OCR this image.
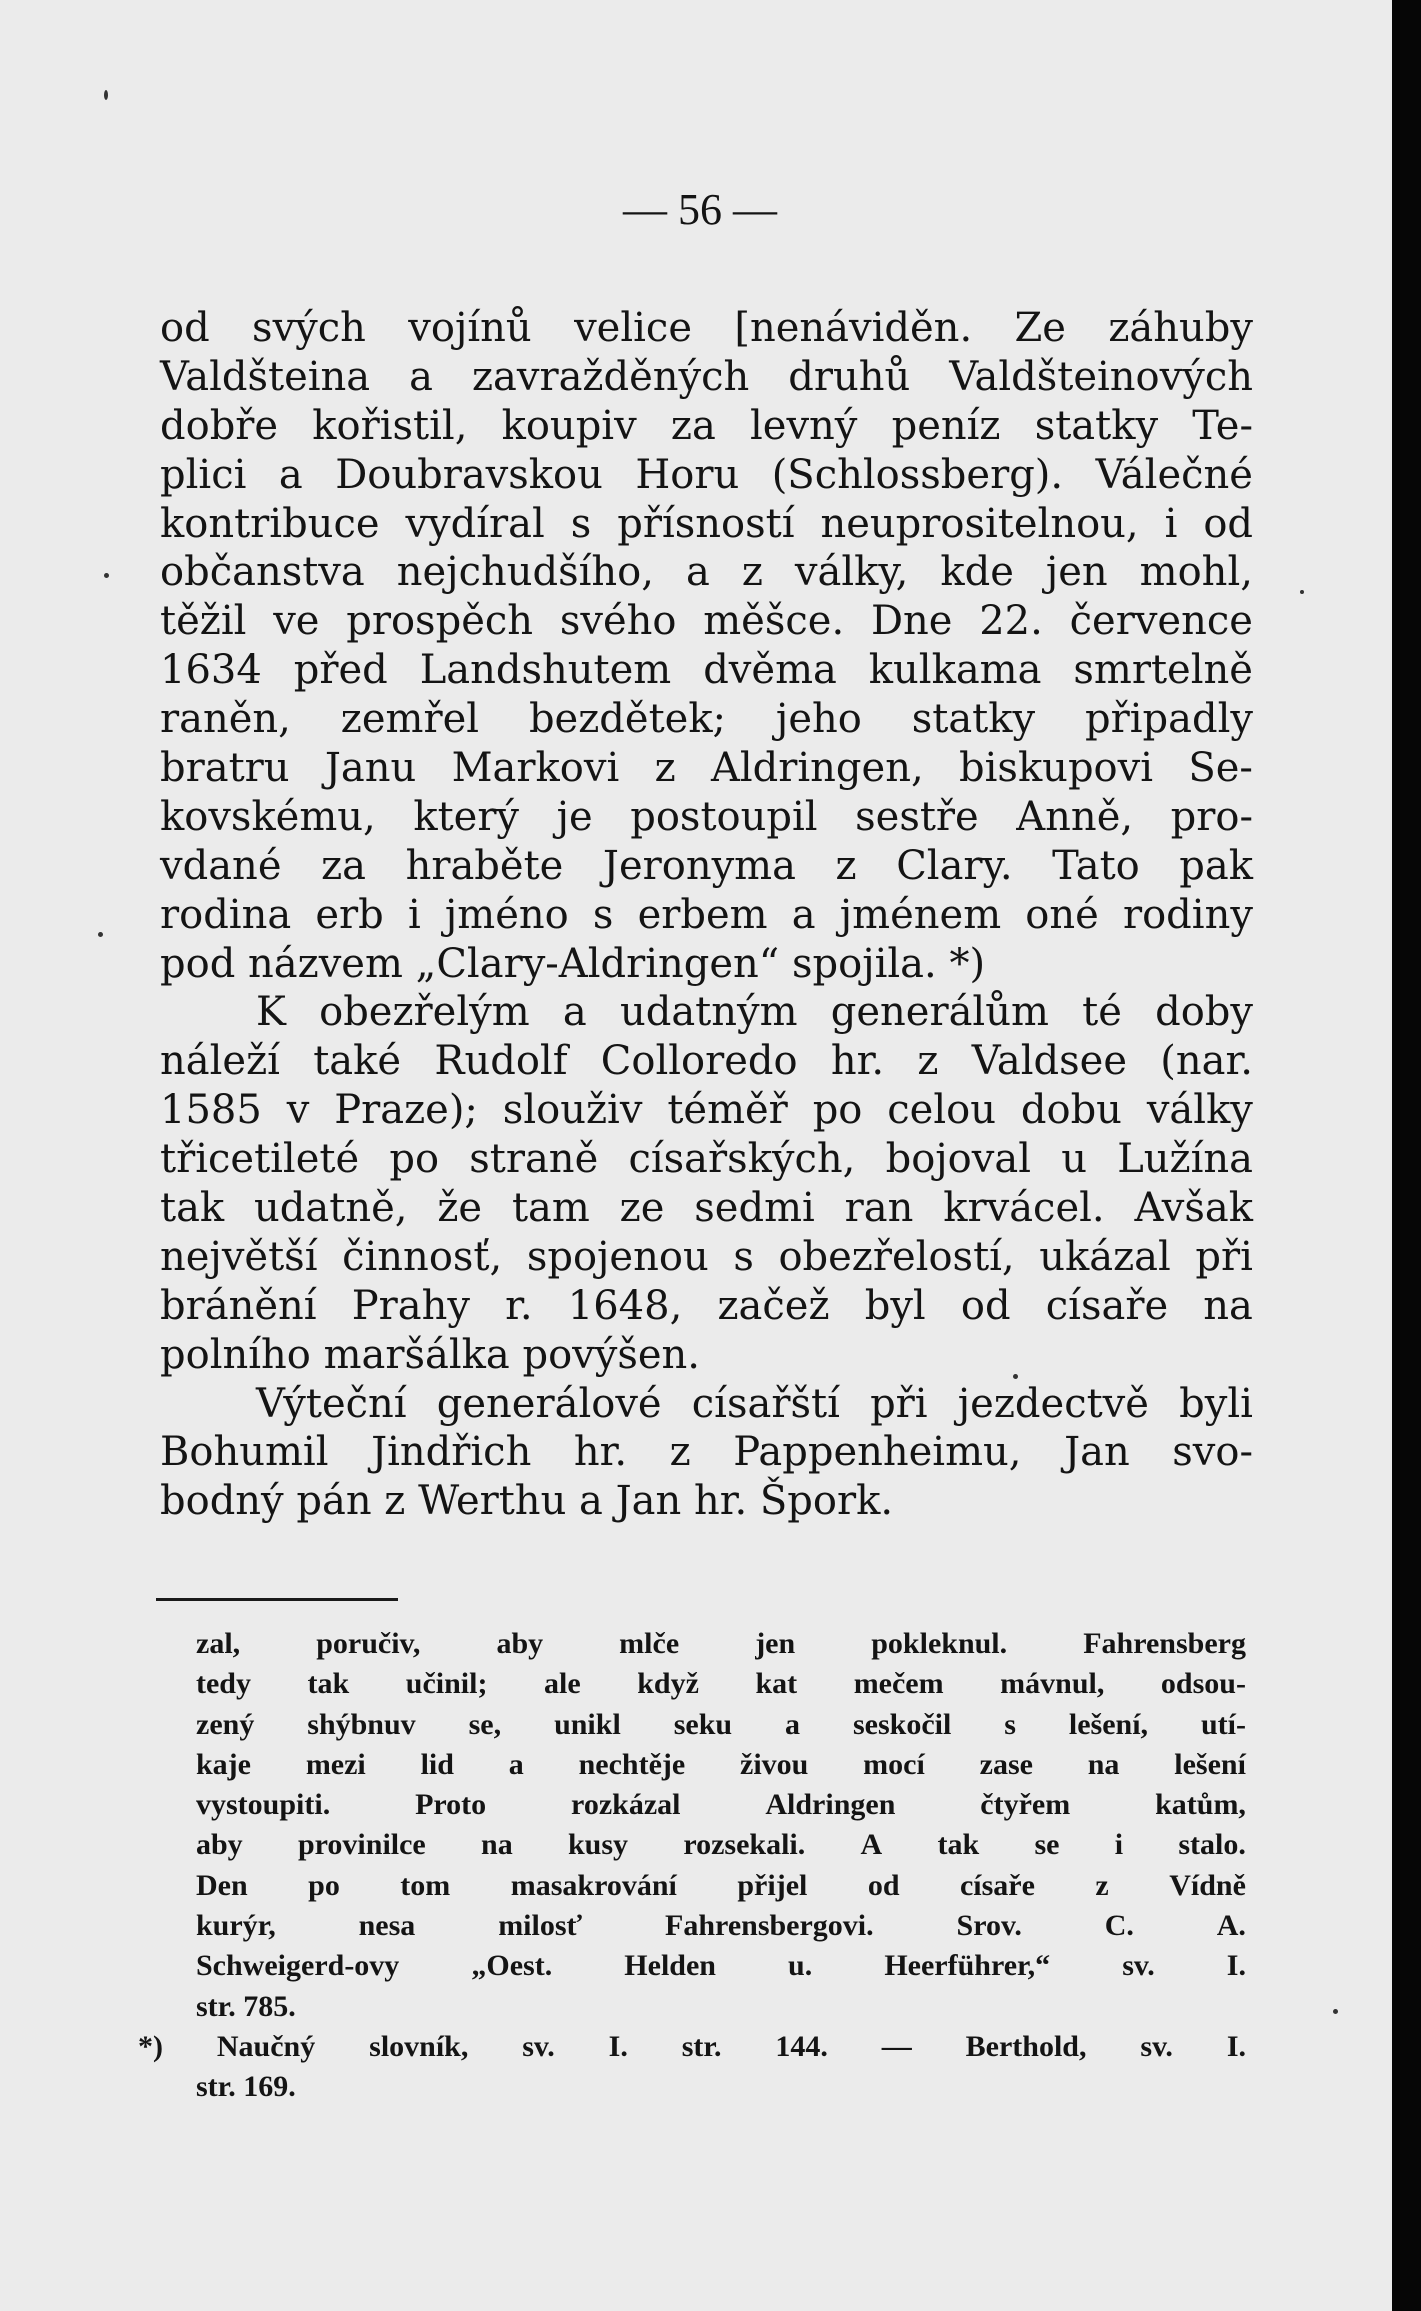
— 56 —
od svých vojínů velice [nenáviděn. Ze záhuby
Valdšteina a zavražděných druhů Valdšteinových
dobře kořistil, koupiv za levný peníz statky Te-
plici a Doubravskou Horu (Schlossberg). Válečné
kontribuce vydíral s přísností neuprositelnou, i od
občanstva nejchudšího, a z války, kde jen mohl,
těžil ve prospěch svého měšce. Dne 22. července
1634 před Landshutem dvěma kulkama smrtelně
raněn, zemřel bezdětek; jeho statky připadly
bratru Janu Markovi z Aldringen, biskupovi Se-
kovskému, který je postoupil sestře Anně, pro-
vdané za hraběte Jeronyma z Clary. Tato pak
rodina erb i jméno s erbem a jménem oné rodiny
pod názvem „Clary-Aldringen“ spojila. *)
K obezřelým a udatným generálům té doby
náleží také Rudolf Colloredo hr. z Valdsee (nar.
1585 v Praze); slouživ téměř po celou dobu války
třicetileté po straně císařských, bojoval u Lužína
tak udatně, že tam ze sedmi ran krvácel. Avšak
největší činnosť, spojenou s obezřelostí, ukázal při
bránění Prahy r. 1648, začež byl od císaře na
polního maršálka povýšen.
Výteční generálové císařští při jezdectvě byli
Bohumil Jindřich hr. z Pappenheimu, Jan svo-
bodný pán z Werthu a Jan hr. Špork.
zal,	poručiv,	aby	mlče	jen	pokleknul.	Fahrensberg
tedy tak učinil; ale když kat mečem mávnul, odsou-
zený shýbnuv se, unikl seku a seskočil s lešení, utí-
kaje mezi lid a nechtěje živou mocí zase na lešení
vystoupiti.	Proto	rozkázal	Aldringen	čtyřem	katům,
aby provinilce na kusy rozsekali. A tak se i stalo.
Den po tom masakrování přijel od císaře z Vídně
kurýr,	nesa	milosť	Fahrensbergovi.	Srov.	C.	A.
Schweigerd-ovy „Oest. Helden u. Heerführer,“ sv. I.
str. 785.
*) Naučný slovník, sv. I. str. 144. — Berthold, sv. I.
str. 169.
